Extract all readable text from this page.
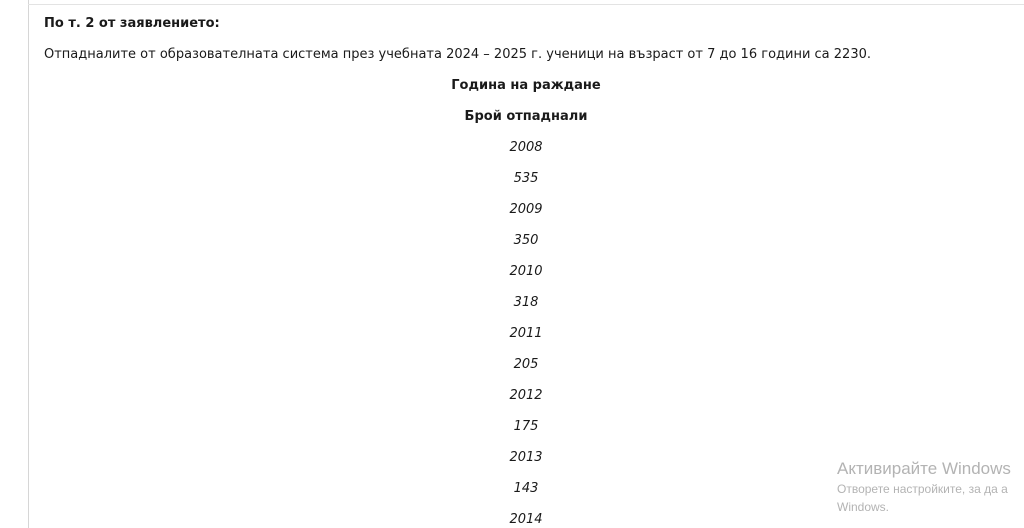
По т. 2 от заявлението:

Отпадналите от образователната система през учебната 2024 – 2025 г. ученици на възраст от 7 до 16 години са 2230.

Година на раждане
Брой отпаднали
2008
535
2009
350
2010
318
2011
205
2012
175
2013
143
2014
Активирайте Windows
Отворете настройките, за да а
Windows.
